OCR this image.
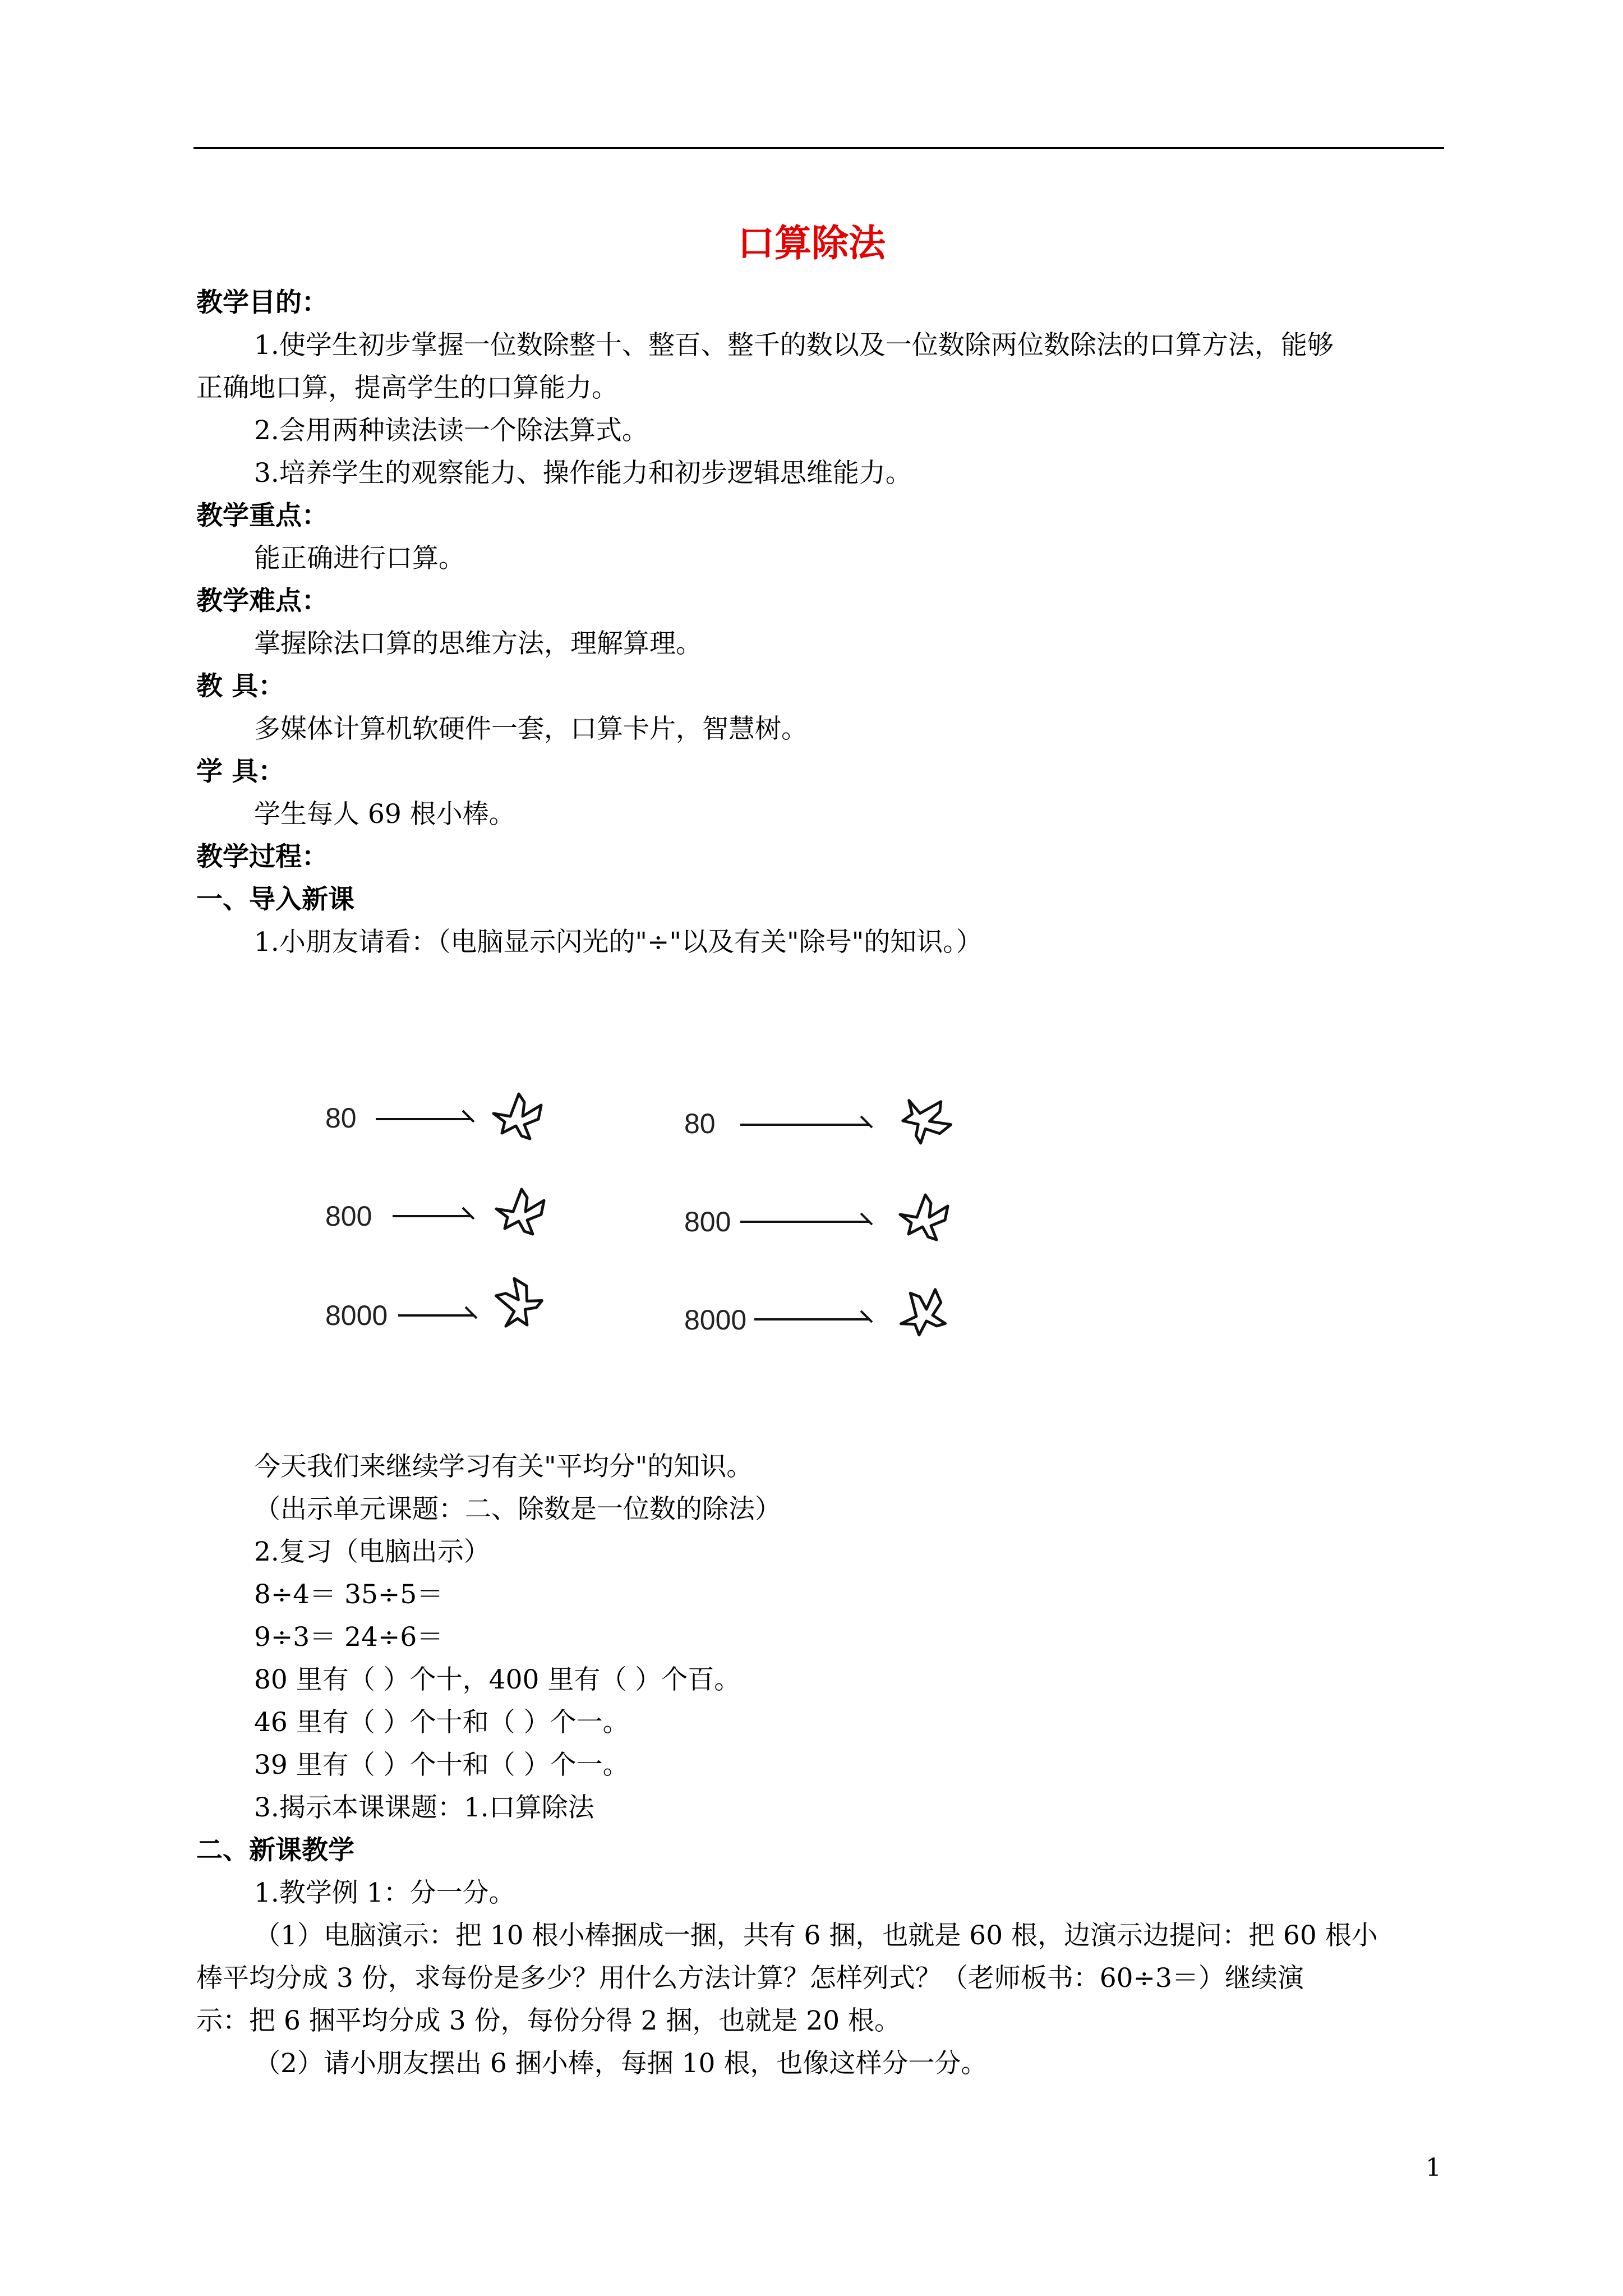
口算除法
教学目的：
1.使学生初步掌握一位数除整十、整百、整千的数以及一位数除两位数除法的口算方法，能够
正确地口算，提高学生的口算能力。
2.会用两种读法读一个除法算式。
3.培养学生的观察能力、操作能力和初步逻辑思维能力。
教学重点：
能正确进行口算。
教学难点：
掌握除法口算的思维方法，理解算理。
教 具：
多媒体计算机软硬件一套，口算卡片，智慧树。
学 具：
学生每人 69 根小棒。
教学过程：
一、导入新课
1.小朋友请看：（电脑显示闪光的"÷"以及有关"除号"的知识。）
80
800
8000
80
800
8000
今天我们来继续学习有关"平均分"的知识。
（出示单元课题：二、除数是一位数的除法）
2.复习（电脑出示）
8÷4＝ 35÷5＝
9÷3＝ 24÷6＝
80 里有（ ）个十，400 里有（ ）个百。
46 里有（ ）个十和（ ）个一。
39 里有（ ）个十和（ ）个一。
3.揭示本课课题：1.口算除法
二、新课教学
1.教学例 1：分一分。
（1）电脑演示：把 10 根小棒捆成一捆，共有 6 捆，也就是 60 根，边演示边提问：把 60 根小
棒平均分成 3 份，求每份是多少？用什么方法计算？怎样列式？（老师板书：60÷3＝）继续演
示：把 6 捆平均分成 3 份，每份分得 2 捆，也就是 20 根。
（2）请小朋友摆出 6 捆小棒，每捆 10 根，也像这样分一分。
1
